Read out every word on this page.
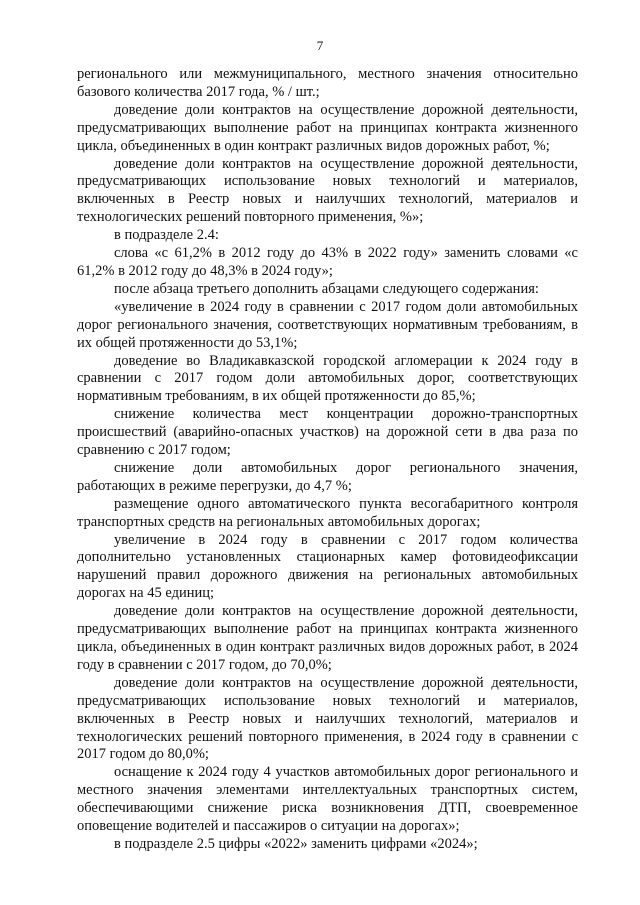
7

регионального или межмуниципального, местного значения относительно базового количества 2017 года, % / шт.;

доведение доли контрактов на осуществление дорожной деятельности, предусматривающих выполнение работ на принципах контракта жизненного цикла, объединенных в один контракт различных видов дорожных работ, %;

доведение доли контрактов на осуществление дорожной деятельности, предусматривающих использование новых технологий и материалов, включенных в Реестр новых и наилучших технологий, материалов и технологических решений повторного применения, %»;

в подразделе 2.4:

слова «с 61,2% в 2012 году до 43% в 2022 году» заменить словами «с 61,2% в 2012 году до 48,3% в 2024 году»;

после абзаца третьего дополнить абзацами следующего содержания:

«увеличение в 2024 году в сравнении с 2017 годом доли автомобильных дорог регионального значения, соответствующих нормативным требованиям, в их общей протяженности до 53,1%;

доведение во Владикавказской городской агломерации к 2024 году в сравнении с 2017 годом доли автомобильных дорог, соответствующих нормативным требованиям, в их общей протяженности до 85,%;

снижение количества мест концентрации дорожно-транспортных происшествий (аварийно-опасных участков) на дорожной сети в два раза по сравнению с 2017 годом;

снижение доли автомобильных дорог регионального значения, работающих в режиме перегрузки, до 4,7 %;

размещение одного автоматического пункта весогабаритного контроля транспортных средств на региональных автомобильных дорогах;

увеличение в 2024 году в сравнении с 2017 годом количества дополнительно установленных стационарных камер фотовидеофиксации нарушений правил дорожного движения на региональных автомобильных дорогах на 45 единиц;

доведение доли контрактов на осуществление дорожной деятельности, предусматривающих выполнение работ на принципах контракта жизненного цикла, объединенных в один контракт различных видов дорожных работ, в 2024 году в сравнении с 2017 годом, до 70,0%;

доведение доли контрактов на осуществление дорожной деятельности, предусматривающих использование новых технологий и материалов, включенных в Реестр новых и наилучших технологий, материалов и технологических решений повторного применения, в 2024 году в сравнении с 2017 годом до 80,0%;

оснащение к 2024 году 4 участков автомобильных дорог регионального и местного значения элементами интеллектуальных транспортных систем, обеспечивающими снижение риска возникновения ДТП, своевременное оповещение водителей и пассажиров о ситуации на дорогах»;

в подразделе 2.5 цифры «2022» заменить цифрами «2024»;
